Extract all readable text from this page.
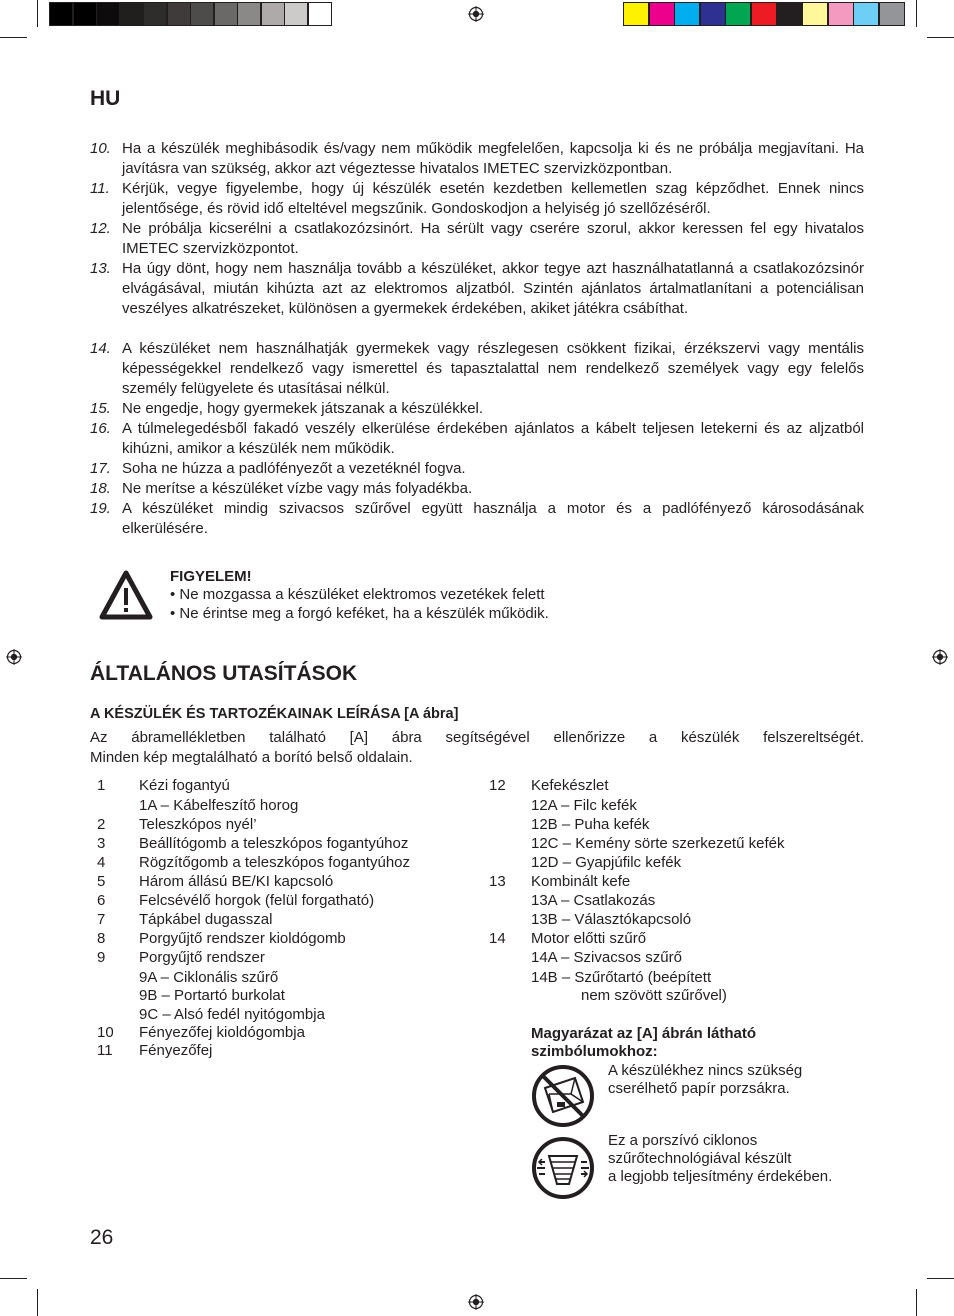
HU
10. Ha a készülék meghibásodik és/vagy nem működik megfelelően, kapcsolja ki és ne próbálja megjavítani. Ha javításra van szükség, akkor azt végeztesse hivatalos IMETEC szervizközpontban.
11. Kérjük, vegye figyelembe, hogy új készülék esetén kezdetben kellemetlen szag képződhet. Ennek nincs jelentősége, és rövid idő elteltével megszűnik. Gondoskodjon a helyiség jó szellőzéséről.
12. Ne próbálja kicserélni a csatlakozózsinórt. Ha sérült vagy cserére szorul, akkor keressen fel egy hivatalos IMETEC szervizközpontot.
13. Ha úgy dönt, hogy nem használja tovább a készüléket, akkor tegye azt használhatatlanná a csatlakozózsinór elvágásával, miután kihúzta azt az elektromos aljzatból. Szintén ajánlatos ártalmatlanítani a potenciálisan veszélyes alkatrészeket, különösen a gyermekek érdekében, akiket játékra csábíthat.
14. A készüléket nem használhatják gyermekek vagy részlegesen csökkent fizikai, érzékszervi vagy mentális képességekkel rendelkező vagy ismerettel és tapasztalattal nem rendelkező személyek vagy egy felelős személy felügyelete és utasításai nélkül.
15. Ne engedje, hogy gyermekek játszanak a készülékkel.
16. A túlmelegedésből fakadó veszély elkerülése érdekében ajánlatos a kábelt teljesen letekerni és az aljzatból kihúzni, amikor a készülék nem működik.
17. Soha ne húzza a padlófényezőt a vezetéknél fogva.
18. Ne merítse a készüléket vízbe vagy más folyadékba.
19. A készüléket mindig szivacsos szűrővel együtt használja a motor és a padlófényező károsodásának elkerülésére.
FIGYELEM!
• Ne mozgassa a készüléket elektromos vezetékek felett
• Ne érintse meg a forgó keféket, ha a készülék működik.
ÁLTALÁNOS UTASÍTÁSOK
A KÉSZÜLÉK ÉS TARTOZÉKAINAK LEÍRÁSA [A ábra]
Az ábramellékletben található [A] ábra segítségével ellenőrizze a készülék felszereltségét.
Minden kép megtalálható a borító belső oldalain.
1 Kézi fogantyú
1A – Kábelfeszítő horog
2 Teleszkópos nyél’
3 Beállítógomb a teleszkópos fogantyúhoz
4 Rögzítőgomb a teleszkópos fogantyúhoz
5 Három állású BE/KI kapcsoló
6 Felcsévélő horgok (felül forgatható)
7 Tápkábel dugasszal
8 Porgyűjtő rendszer kioldógomb
9 Porgyűjtő rendszer
9A – Ciklonális szűrő
9B – Portartó burkolat
9C – Alsó fedél nyitógombja
10 Fényezőfej kioldógombja
11 Fényezőfej
12 Kefekészlet
12A – Filc kefék
12B – Puha kefék
12C – Kemény sörte szerkezetű kefék
12D – Gyapjúfilc kefék
13 Kombinált kefe
13A – Csatlakozás
13B – Választókapcsoló
14 Motor előtti szűrő
14A – Szivacsos szűrő
14B – Szűrőtartó (beépített
nem szövött szűrővel)
Magyarázat az [A] ábrán látható
szimbólumokhoz:
A készülékhez nincs szükség
cserélhető papír porzsákra.
Ez a porszívó ciklonos
szűrőtechnológiával készült
a legjobb teljesítmény érdekében.
26
